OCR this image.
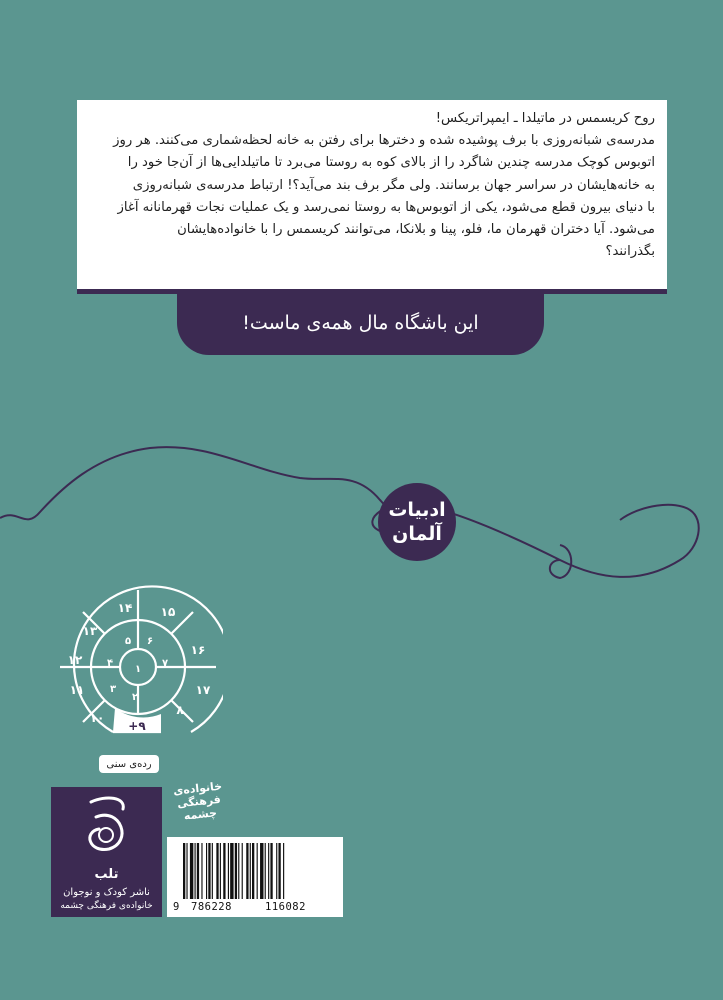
روح کریسمس در ماتیلدا ـ ایمپراتریکس!

مدرسه‌ی شبانه‌روزی با برف پوشیده شده و دخترها برای رفتن به خانه لحظه‌شماری می‌کنند. هر روز

اتوبوس کوچک مدرسه چندین شاگرد را از بالای کوه به روستا می‌برد تا ماتیلدایی‌ها از آن‌جا خود را

به خانه‌هایشان در سراسر جهان برسانند. ولی مگر برف بند می‌آید؟! ارتباط مدرسه‌ی شبانه‌روزی

با دنیای بیرون قطع می‌شود، یکی از اتوبوس‌ها به روستا نمی‌رسد و یک عملیات نجات قهرمانانه آغاز

می‌شود. آیا دختران قهرمان ما، فلو، پینا و بلانکا، می‌توانند کریسمس را با خانواده‌هایشان

بگذرانند؟

این باشگاه مال همه‌ی ماست!
ادبیات
آلمان
۱۴ ۱۵
۱۶
۱۷
۸
+۹
۱۰
۱۱
۱۲
۱۳
۵ ۶
۷
۳
۲
۴
۱
رده‌ی سنی
تلب
ناشر کودک و نوجوان
خانواده‌ی فرهنگی چشمه
خانواده‌ی
فرهنگی
چشمه
9 786228	116082
